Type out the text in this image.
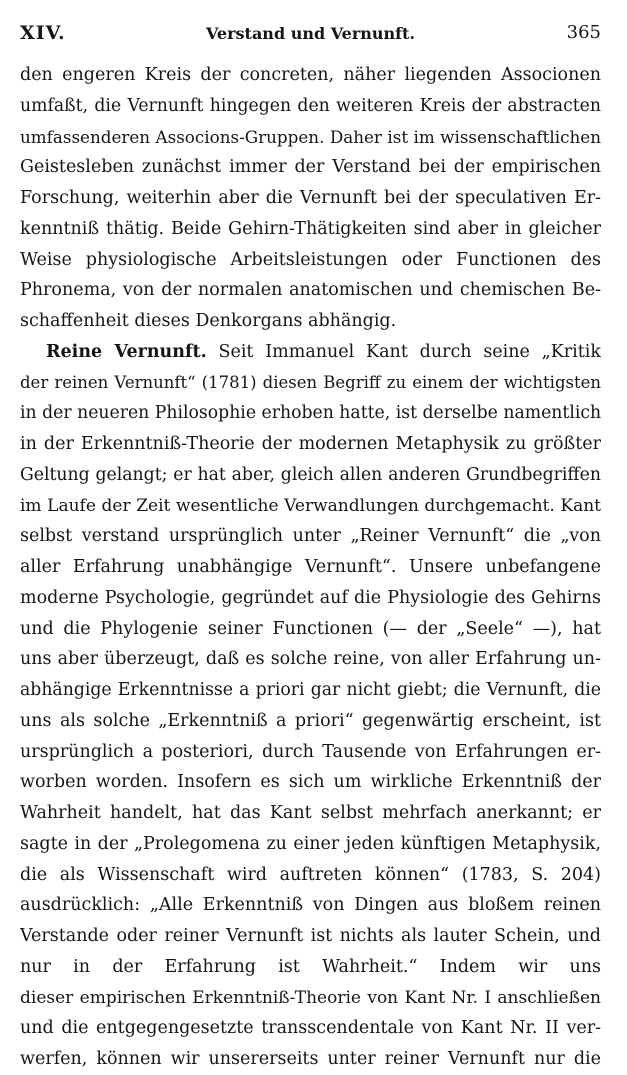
XIV.	Verstand und Vernunft.	365
den engeren Kreis der concreten, näher liegenden Associonen
umfaßt, die Vernunft hingegen den weiteren Kreis der abstracten
umfassenderen Associons-Gruppen. Daher ist im wissenschaftlichen
Geistesleben zunächst immer der Verstand bei der empirischen
Forschung, weiterhin aber die Vernunft bei der speculativen Er-
kenntniß thätig. Beide Gehirn-Thätigkeiten sind aber in gleicher
Weise physiologische Arbeitsleistungen oder Functionen des
Phronema, von der normalen anatomischen und chemischen Be-
schaffenheit dieses Denkorgans abhängig.
Reine Vernunft. Seit Immanuel Kant durch seine „Kritik
der reinen Vernunft“ (1781) diesen Begriff zu einem der wichtigsten
in der neueren Philosophie erhoben hatte, ist derselbe namentlich
in der Erkenntniß-Theorie der modernen Metaphysik zu größter
Geltung gelangt; er hat aber, gleich allen anderen Grundbegriffen
im Laufe der Zeit wesentliche Verwandlungen durchgemacht. Kant
selbst verstand ursprünglich unter „Reiner Vernunft“ die „von
aller Erfahrung unabhängige Vernunft“. Unsere unbefangene
moderne Psychologie, gegründet auf die Physiologie des Gehirns
und die Phylogenie seiner Functionen (— der „Seele“ —), hat
uns aber überzeugt, daß es solche reine, von aller Erfahrung un-
abhängige Erkenntnisse a priori gar nicht giebt; die Vernunft, die
uns als solche „Erkenntniß a priori“ gegenwärtig erscheint, ist
ursprünglich a posteriori, durch Tausende von Erfahrungen er-
worben worden. Insofern es sich um wirkliche Erkenntniß der
Wahrheit handelt, hat das Kant selbst mehrfach anerkannt; er
sagte in der „Prolegomena zu einer jeden künftigen Metaphysik,
die als Wissenschaft wird auftreten können“ (1783, S. 204)
ausdrücklich: „Alle Erkenntniß von Dingen aus bloßem reinen
Verstande oder reiner Vernunft ist nichts als lauter Schein, und
nur in der Erfahrung ist Wahrheit.“ Indem wir uns
dieser empirischen Erkenntniß-Theorie von Kant Nr. I anschließen
und die entgegengesetzte transscendentale von Kant Nr. II ver-
werfen, können wir unsererseits unter reiner Vernunft nur die
